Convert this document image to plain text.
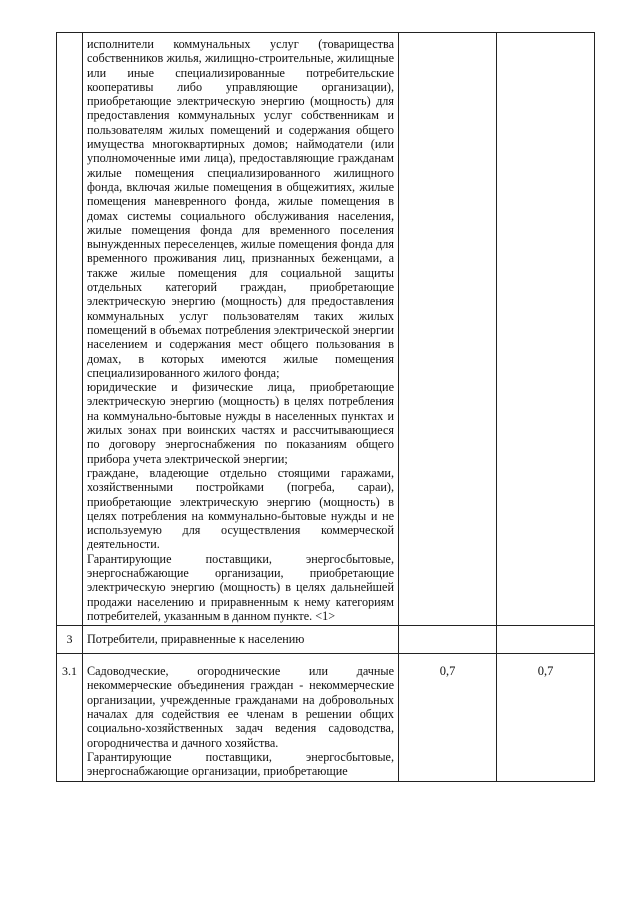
	исполнители коммунальных услуг (товарищества собственников жилья, жилищно-строительные, жилищные или иные специализированные потребительские кооперативы либо управляющие организации), приобретающие электрическую энергию (мощность) для предоставления коммунальных услуг собственникам и пользователям жилых помещений и содержания общего имущества многоквартирных домов; наймодатели (или уполномоченные ими лица), предоставляющие гражданам жилые помещения специализированного жилищного фонда, включая жилые помещения в общежитиях, жилые помещения маневренного фонда, жилые помещения в домах системы социального обслуживания населения, жилые помещения фонда для временного поселения вынужденных переселенцев, жилые помещения фонда для временного проживания лиц, признанных беженцами, а также жилые помещения для социальной защиты отдельных категорий граждан, приобретающие электрическую энергию (мощность) для предоставления коммунальных услуг пользователям таких жилых помещений в объемах потребления электрической энергии населением и содержания мест общего пользования в домах, в которых имеются жилые помещения специализированного жилого фонда;

юридические и физические лица, приобретающие электрическую энергию (мощность) в целях потребления на коммунально-бытовые нужды в населенных пунктах и жилых зонах при воинских частях и рассчитывающиеся по договору энергоснабжения по показаниям общего прибора учета электрической энергии;

граждане, владеющие отдельно стоящими гаражами, хозяйственными постройками (погреба, сараи), приобретающие электрическую энергию (мощность) в целях потребления на коммунально-бытовые нужды и не используемую для осуществления коммерческой деятельности.

Гарантирующие поставщики, энергосбытовые, энергоснабжающие организации, приобретающие электрическую энергию (мощность) в целях дальнейшей продажи населению и приравненным к нему категориям потребителей, указанным в данном пункте. <1>		

3	Потребители, приравненные к населению		

3.1	Садоводческие, огороднические или дачные некоммерческие объединения граждан - некоммерческие организации, учрежденные гражданами на добровольных началах для содействия ее членам в решении общих социально-хозяйственных задач ведения садоводства, огородничества и дачного хозяйства.

Гарантирующие поставщики, энергосбытовые, энергоснабжающие организации, приобретающие	0,7	0,7
